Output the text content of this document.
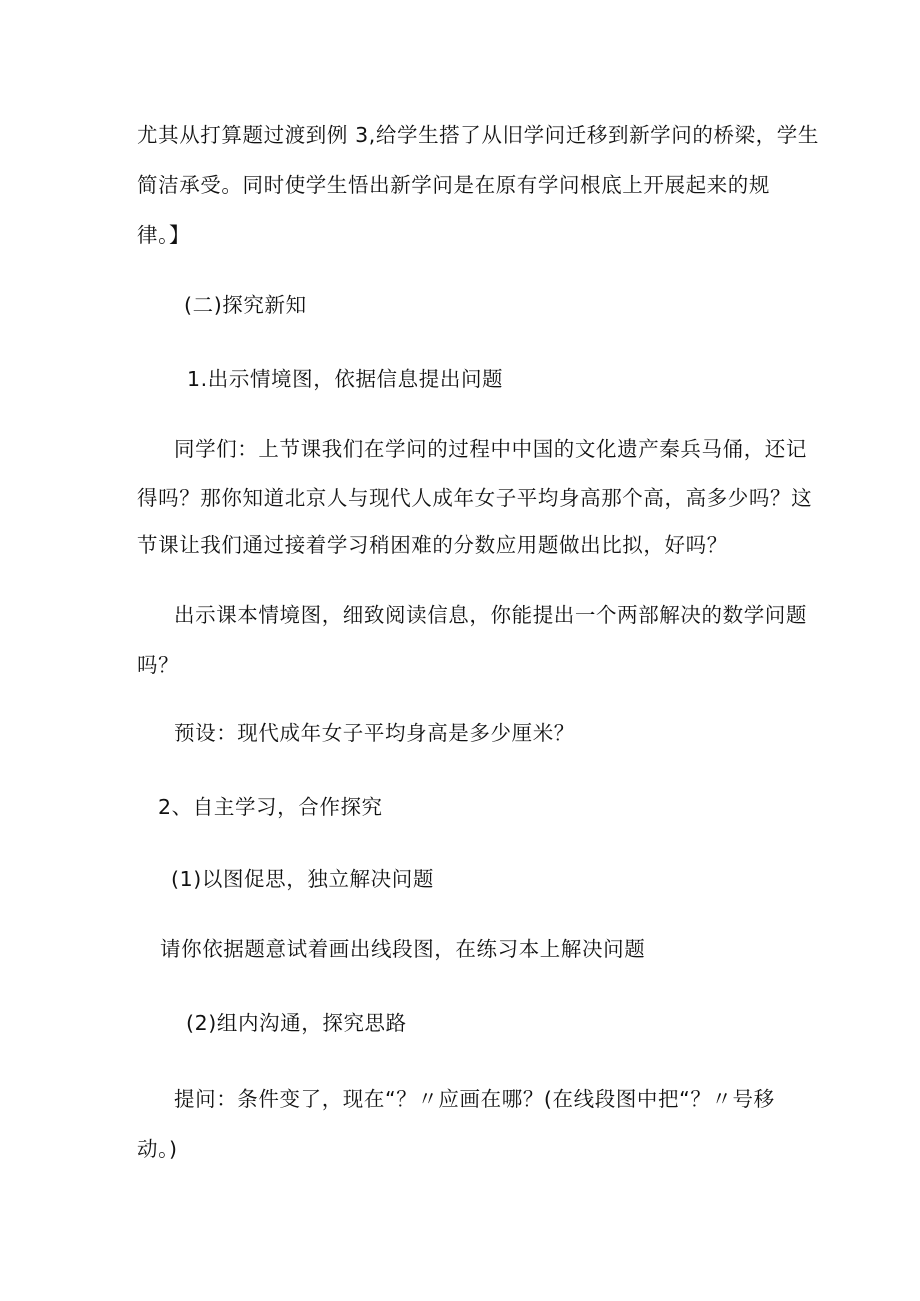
尤其从打算题过渡到例 3,给学生搭了从旧学问迁移到新学问的桥梁，学生
简洁承受。同时使学生悟出新学问是在原有学问根底上开展起来的规
律。】
(二)探究新知
1.出示情境图，依据信息提出问题
同学们：上节课我们在学问的过程中中国的文化遗产秦兵马俑，还记
得吗？那你知道北京人与现代人成年女子平均身高那个高，高多少吗？这
节课让我们通过接着学习稍困难的分数应用题做出比拟，好吗？
出示课本情境图，细致阅读信息，你能提出一个两部解决的数学问题
吗？
预设：现代成年女子平均身高是多少厘米？
2、自主学习，合作探究
(1)以图促思，独立解决问题
请你依据题意试着画出线段图，在练习本上解决问题
(2)组内沟通，探究思路
提问：条件变了，现在“？〃应画在哪？(在线段图中把“？〃号移
动。)
